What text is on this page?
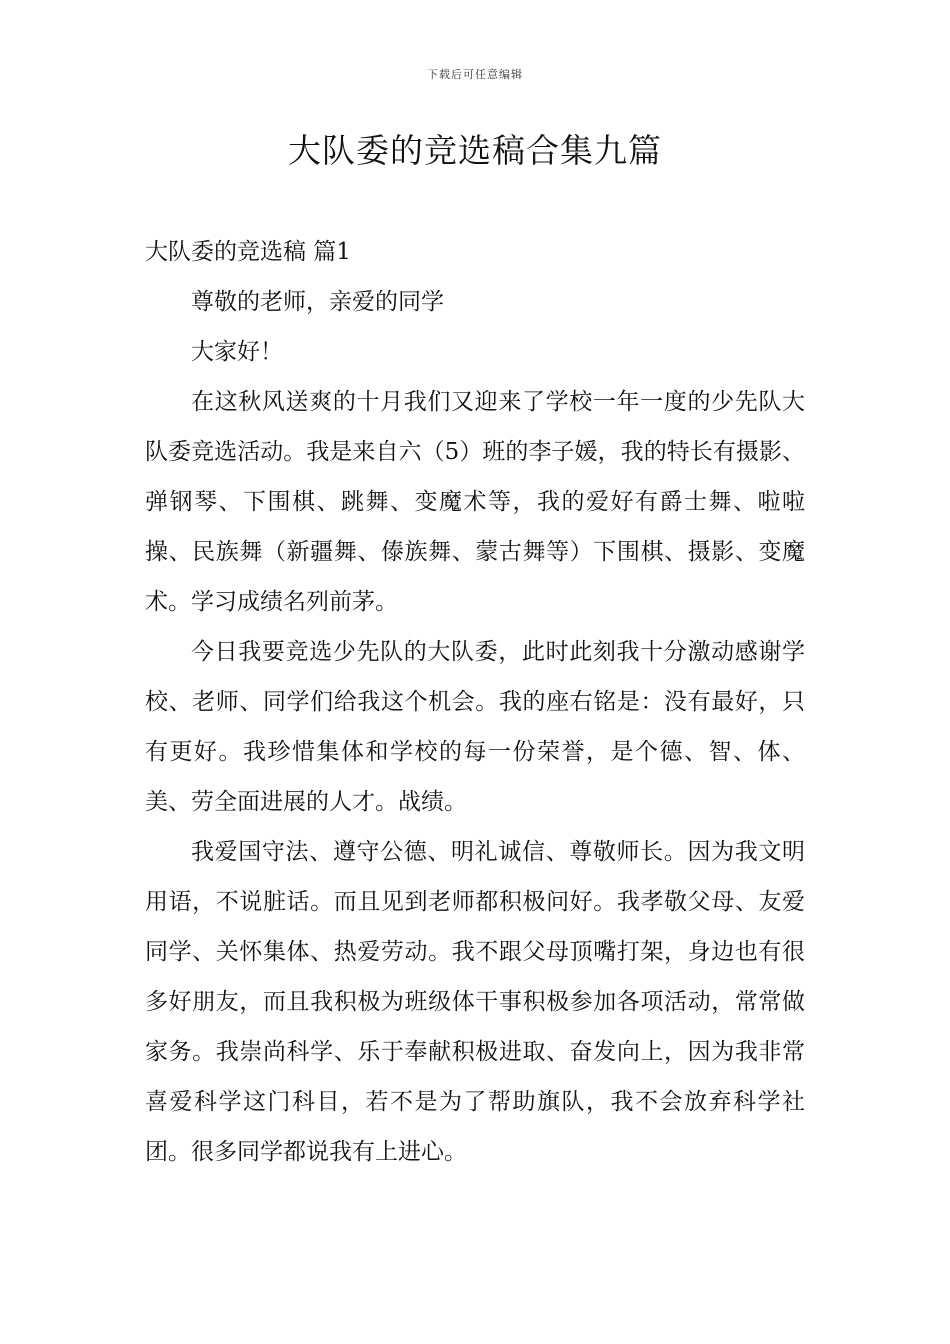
下载后可任意编辑
大队委的竞选稿合集九篇
大队委的竞选稿 篇1

尊敬的老师，亲爱的同学

大家好！

在这秋风送爽的十月我们又迎来了学校一年一度的少先队大队委竞选活动。我是来自六（5）班的李子媛，我的特长有摄影、弹钢琴、下围棋、跳舞、变魔术等，我的爱好有爵士舞、啦啦操、民族舞（新疆舞、傣族舞、蒙古舞等）下围棋、摄影、变魔术。学习成绩名列前茅。

今日我要竞选少先队的大队委，此时此刻我十分激动感谢学校、老师、同学们给我这个机会。我的座右铭是：没有最好，只有更好。我珍惜集体和学校的每一份荣誉，是个德、智、体、美、劳全面进展的人才。战绩。

我爱国守法、遵守公德、明礼诚信、尊敬师长。因为我文明用语，不说脏话。而且见到老师都积极问好。我孝敬父母、友爱同学、关怀集体、热爱劳动。我不跟父母顶嘴打架，身边也有很多好朋友，而且我积极为班级体干事积极参加各项活动，常常做家务。我崇尚科学、乐于奉献积极进取、奋发向上，因为我非常喜爱科学这门科目，若不是为了帮助旗队，我不会放弃科学社团。很多同学都说我有上进心。
